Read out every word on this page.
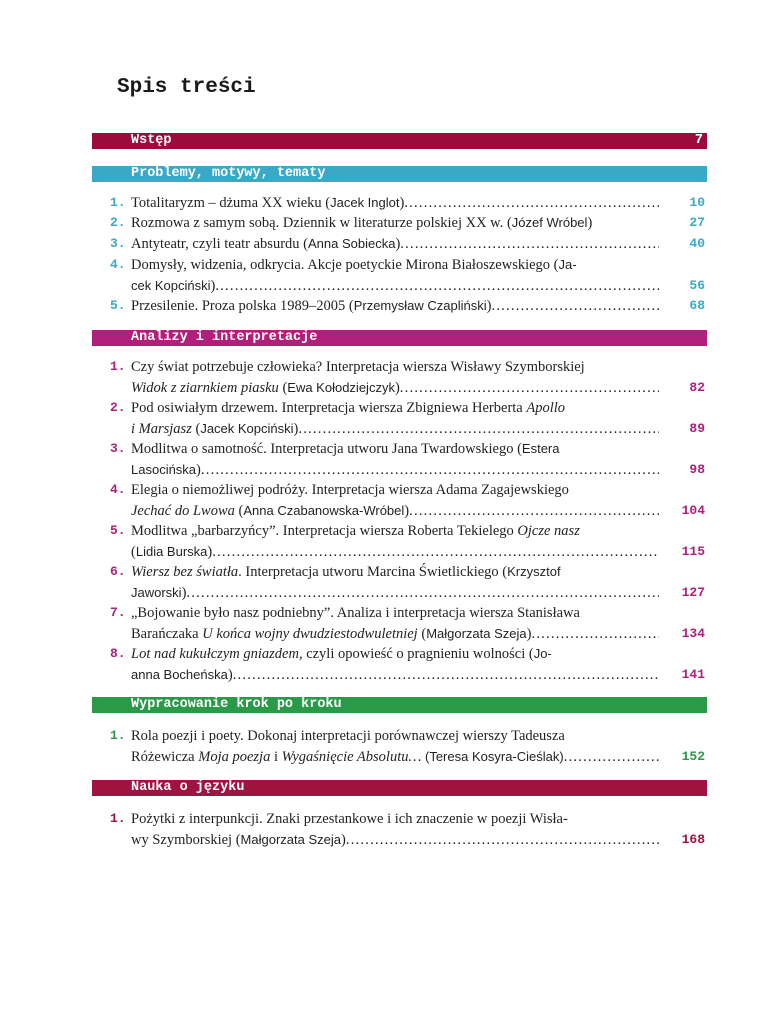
Spis treści
Wstęp	7
Problemy, motywy, tematy
1. Totalitaryzm – dżuma XX wieku (Jacek Inglot) . . .	10
2. Rozmowa z samym sobą. Dziennik w literaturze polskiej XX w. (Józef Wróbel)	27
3. Antyteatr, czyli teatr absurdu (Anna Sobiecka) . . .	40
4. Domysły, widzenia, odkrycia. Akcje poetyckie Mirona Białoszewskiego (Ja-
cek Kopciński) . . .	56
5. Przesilenie. Proza polska 1989–2005 (Przemysław Czapliński) . . .	68
Analizy i interpretacje
1. Czy świat potrzebuje człowieka? Interpretacja wiersza Wisławy Szymborskiej
Widok z ziarnkiem piasku (Ewa Kołodziejczyk) . . .	82
2. Pod osiwiałym drzewem. Interpretacja wiersza Zbigniewa Herberta Apollo
i Marsjasz (Jacek Kopciński) . . .	89
3. Modlitwa o samotność. Interpretacja utworu Jana Twardowskiego (Estera
Lasocińska) . . .	98
4. Elegia o niemożliwej podróży. Interpretacja wiersza Adama Zagajewskiego
Jechać do Lwowa (Anna Czabanowska-Wróbel) . . .	104
5. Modlitwa „barbarzyńcy”. Interpretacja wiersza Roberta Tekielego Ojcze nasz
(Lidia Burska) . . .	115
6. Wiersz bez światła. Interpretacja utworu Marcina Świetlickiego (Krzysztof
Jaworski) . . .	127
7. „Bojowanie było nasz podniebny”. Analiza i interpretacja wiersza Stanisława
Barańczaka U końca wojny dwudziestodwuletniej (Małgorzata Szeja) . . .	134
8. Lot nad kukułczym gniazdem, czyli opowieść o pragnieniu wolności (Jo-
anna Bocheńska) . . .	141
Wypracowanie krok po kroku
1. Rola poezji i poety. Dokonaj interpretacji porównawczej wierszy Tadeusza
Różewicza Moja poezja i Wygaśnięcie Absolutu… (Teresa Kosyra-Cieślak) . . .	152
Nauka o języku
1. Pożytki z interpunkcji. Znaki przestankowe i ich znaczenie w poezji Wisła-
wy Szymborskiej (Małgorzata Szeja) . . .	168
